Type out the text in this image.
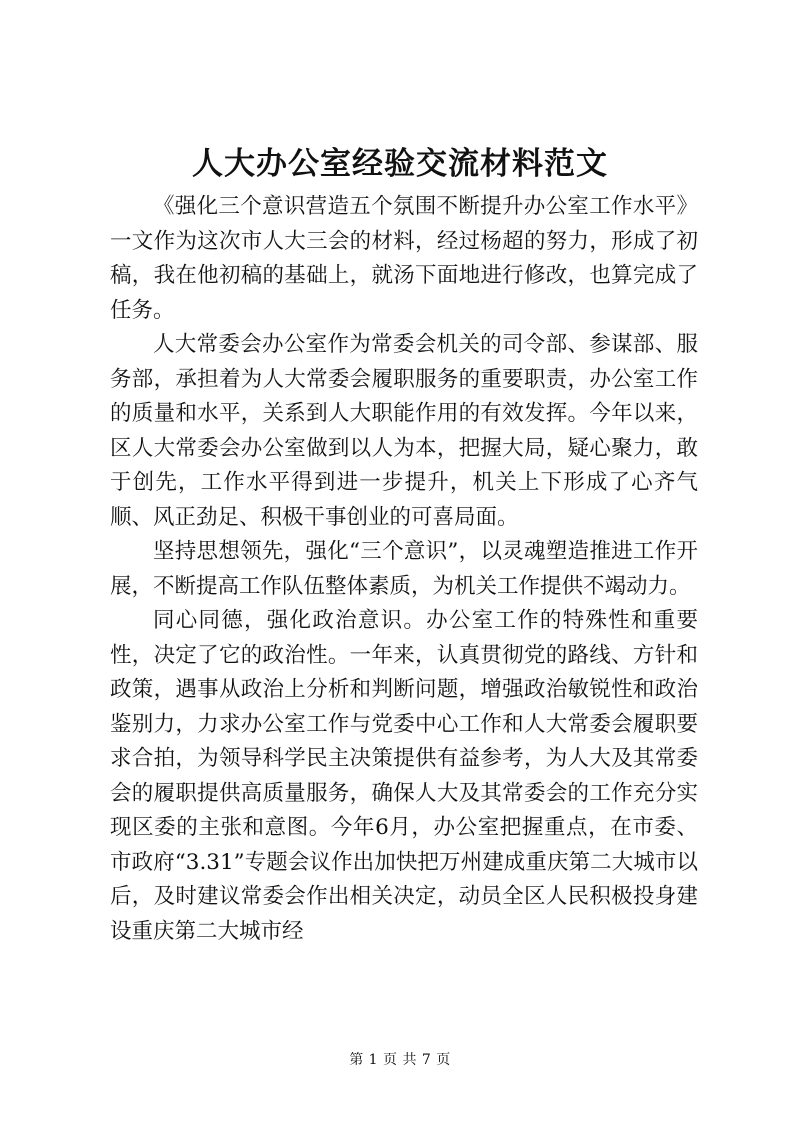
人大办公室经验交流材料范文

《强化三个意识营造五个氛围不断提升办公室工作水平》一文作为这次市人大三会的材料，经过杨超的努力，形成了初稿，我在他初稿的基础上，就汤下面地进行修改，也算完成了任务。

人大常委会办公室作为常委会机关的司令部、参谋部、服务部，承担着为人大常委会履职服务的重要职责，办公室工作的质量和水平，关系到人大职能作用的有效发挥。今年以来，区人大常委会办公室做到以人为本，把握大局，疑心聚力，敢于创先，工作水平得到进一步提升，机关上下形成了心齐气顺、风正劲足、积极干事创业的可喜局面。

坚持思想领先，强化“三个意识”，以灵魂塑造推进工作开展，不断提高工作队伍整体素质，为机关工作提供不竭动力。

同心同德，强化政治意识。办公室工作的特殊性和重要性，决定了它的政治性。一年来，认真贯彻党的路线、方针和政策，遇事从政治上分析和判断问题，增强政治敏锐性和政治鉴别力，力求办公室工作与党委中心工作和人大常委会履职要求合拍，为领导科学民主决策提供有益参考，为人大及其常委会的履职提供高质量服务，确保人大及其常委会的工作充分实现区委的主张和意图。今年6月，办公室把握重点，在市委、市政府“3.31”专题会议作出加快把万州建成重庆第二大城市以后，及时建议常委会作出相关决定，动员全区人民积极投身建设重庆第二大城市经

第 1 页 共 7 页
